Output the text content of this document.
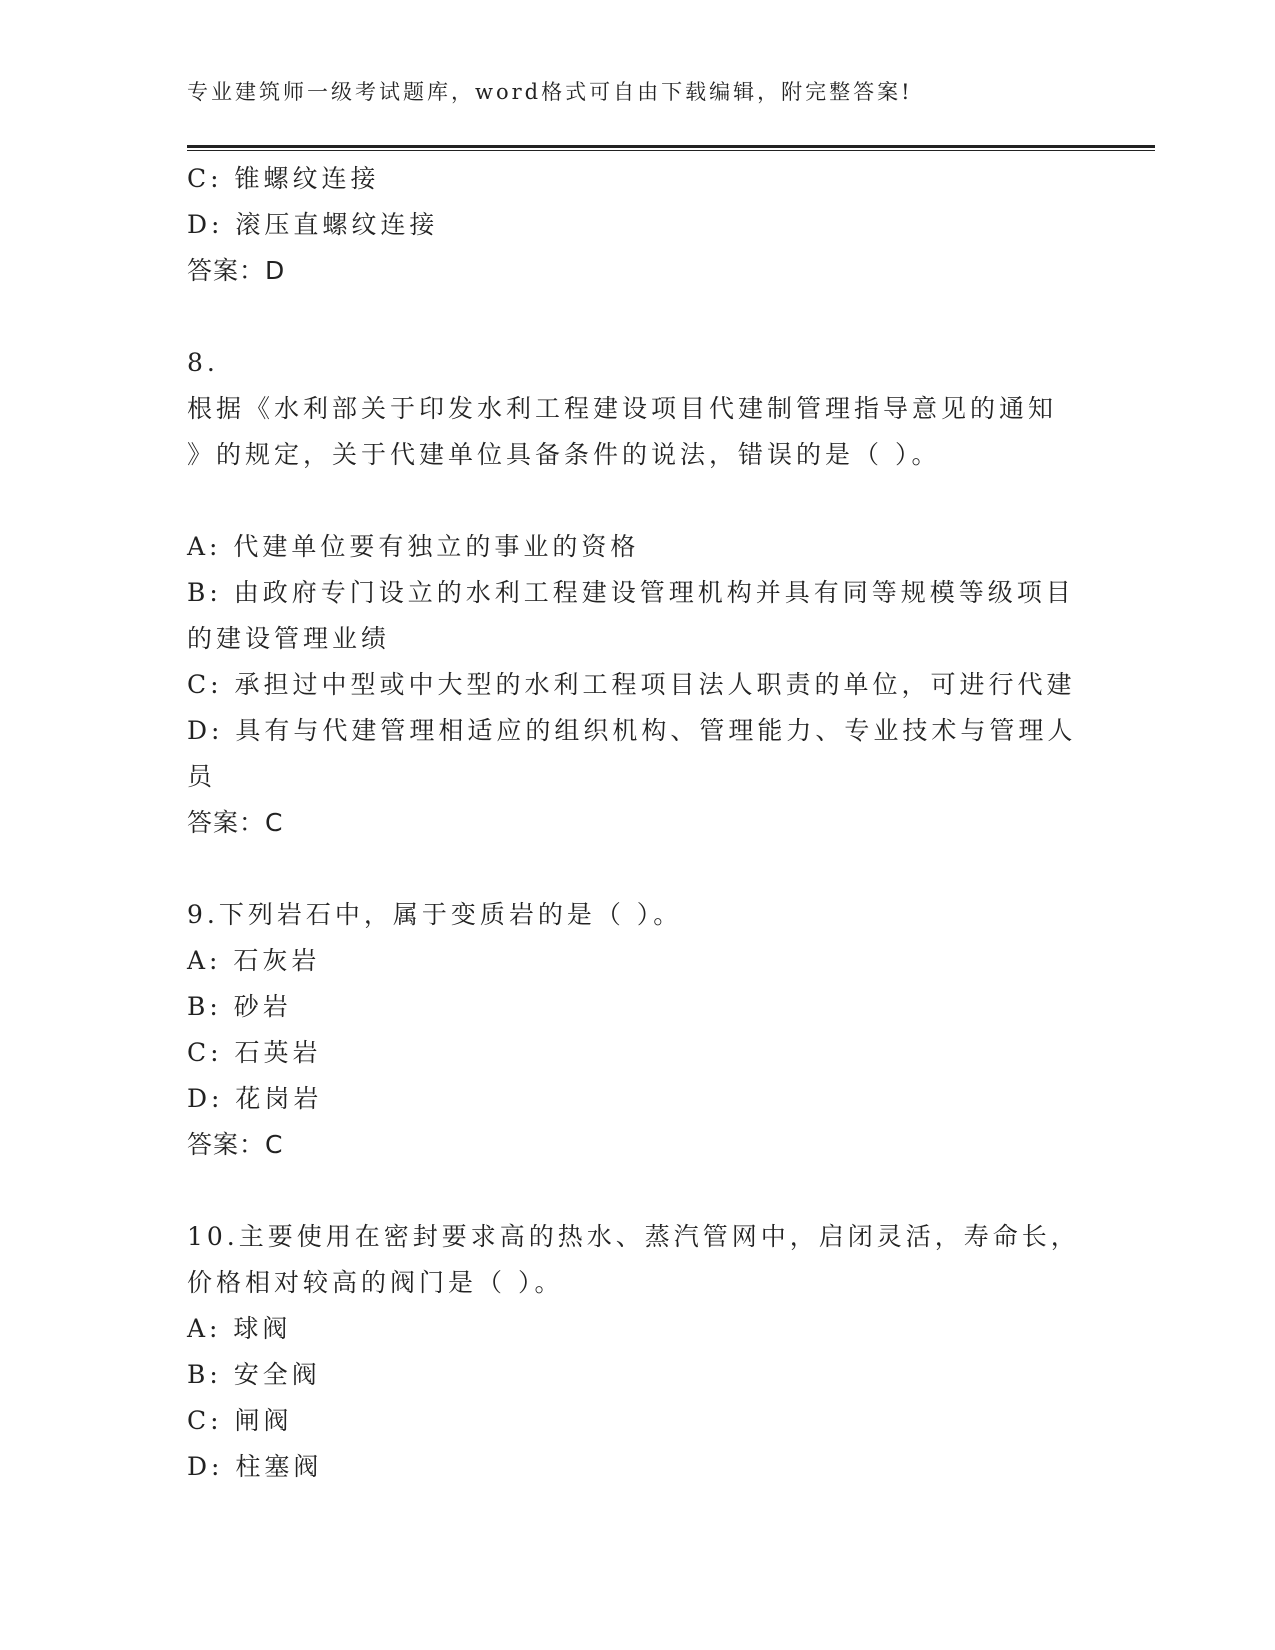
专业建筑师一级考试题库，word格式可自由下载编辑，附完整答案!
C: 锥螺纹连接
D: 滚压直螺纹连接
答案：D
8.
根据《水利部关于印发水利工程建设项目代建制管理指导意见的通知
》的规定，关于代建单位具备条件的说法，错误的是（ ）。
A: 代建单位要有独立的事业的资格
B: 由政府专门设立的水利工程建设管理机构并具有同等规模等级项目
的建设管理业绩
C: 承担过中型或中大型的水利工程项目法人职责的单位，可进行代建
D: 具有与代建管理相适应的组织机构、管理能力、专业技术与管理人
员
答案：C
9.下列岩石中，属于变质岩的是（ ）。
A: 石灰岩
B: 砂岩
C: 石英岩
D: 花岗岩
答案：C
10.主要使用在密封要求高的热水、蒸汽管网中，启闭灵活，寿命长，
价格相对较高的阀门是（ ）。
A: 球阀
B: 安全阀
C: 闸阀
D: 柱塞阀
